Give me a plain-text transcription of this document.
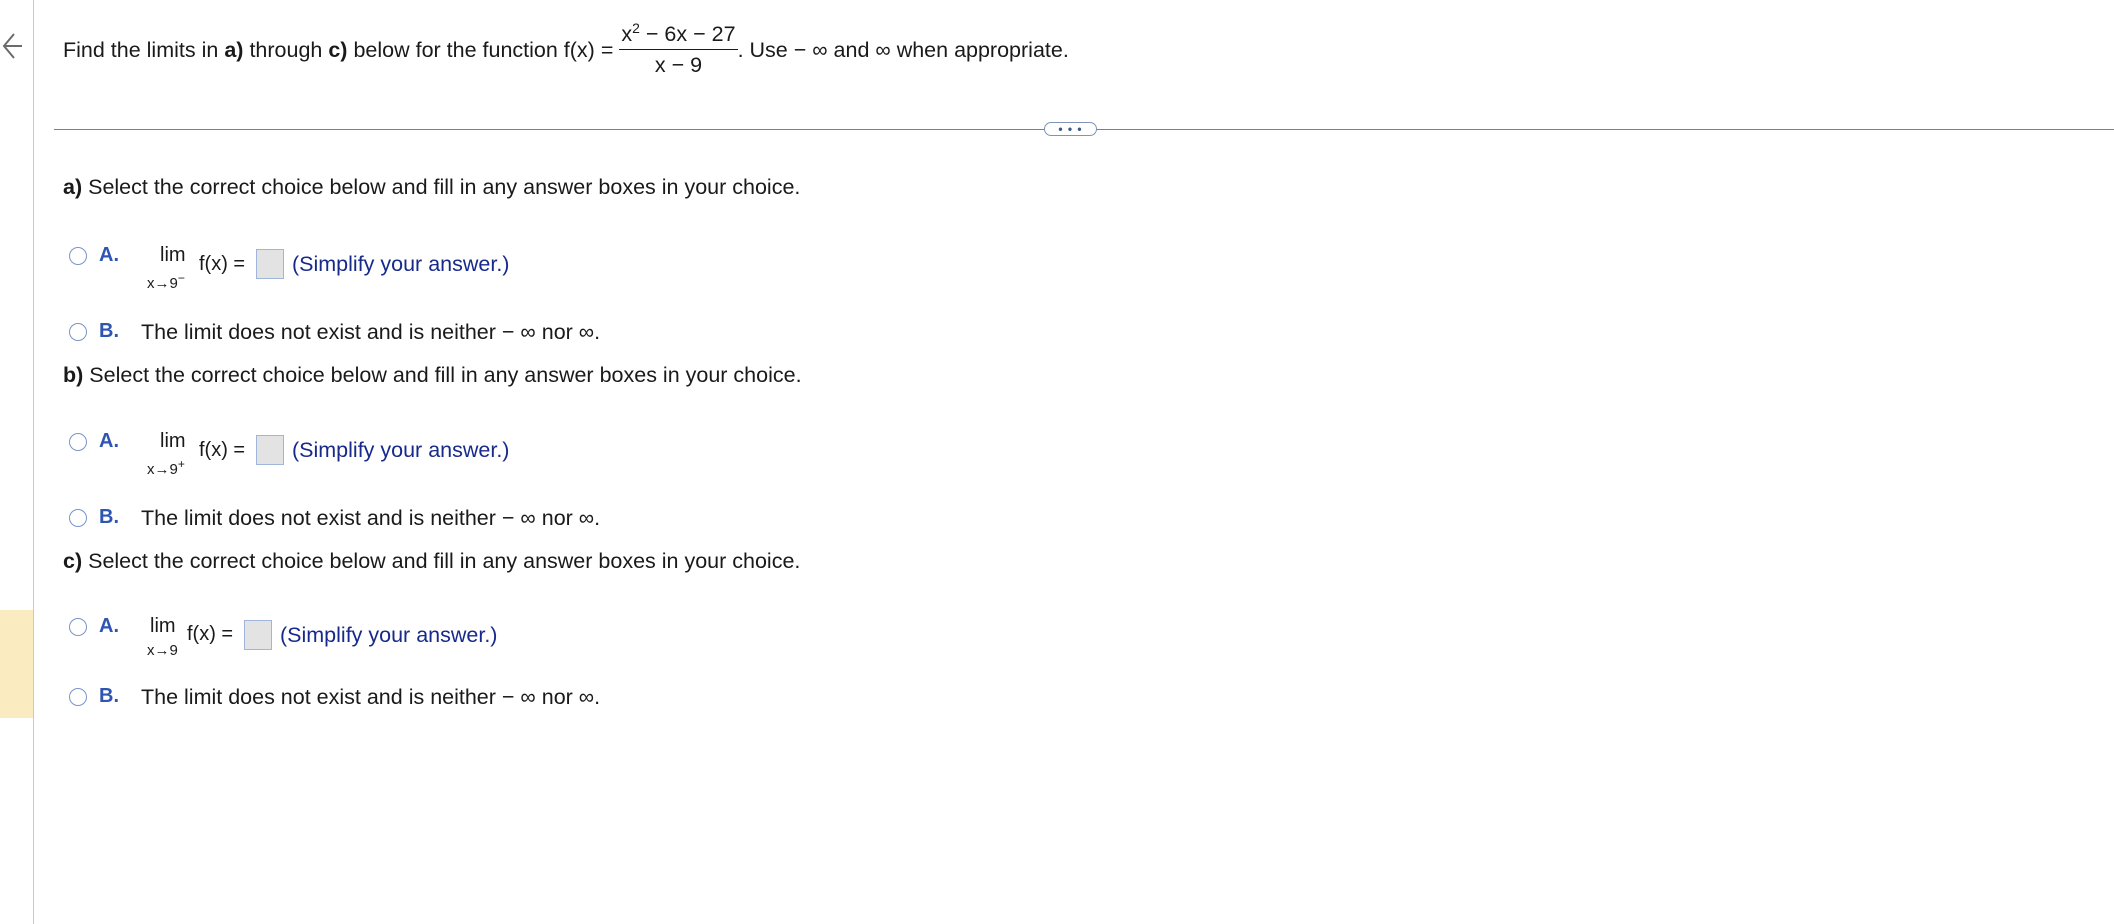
Find the limits in
a)
through
c)
below for the function $f(x) = \frac{x^2 - 6x - 27}{x - 9}$ . Use − ∞ and ∞ when appropriate.
• • •
a) Select the correct choice below and fill in any answer boxes in your choice.
A. lim
x→9−
f(x) = (Simplify your answer.)
B. The limit does not exist and is neither − ∞ nor ∞.
b) Select the correct choice below and fill in any answer boxes in your choice.
A. lim
x→9+
f(x) = (Simplify your answer.)
B. The limit does not exist and is neither − ∞ nor ∞.
c) Select the correct choice below and fill in any answer boxes in your choice.
A. lim
x→9
f(x) = (Simplify your answer.)
B. The limit does not exist and is neither − ∞ nor ∞.
